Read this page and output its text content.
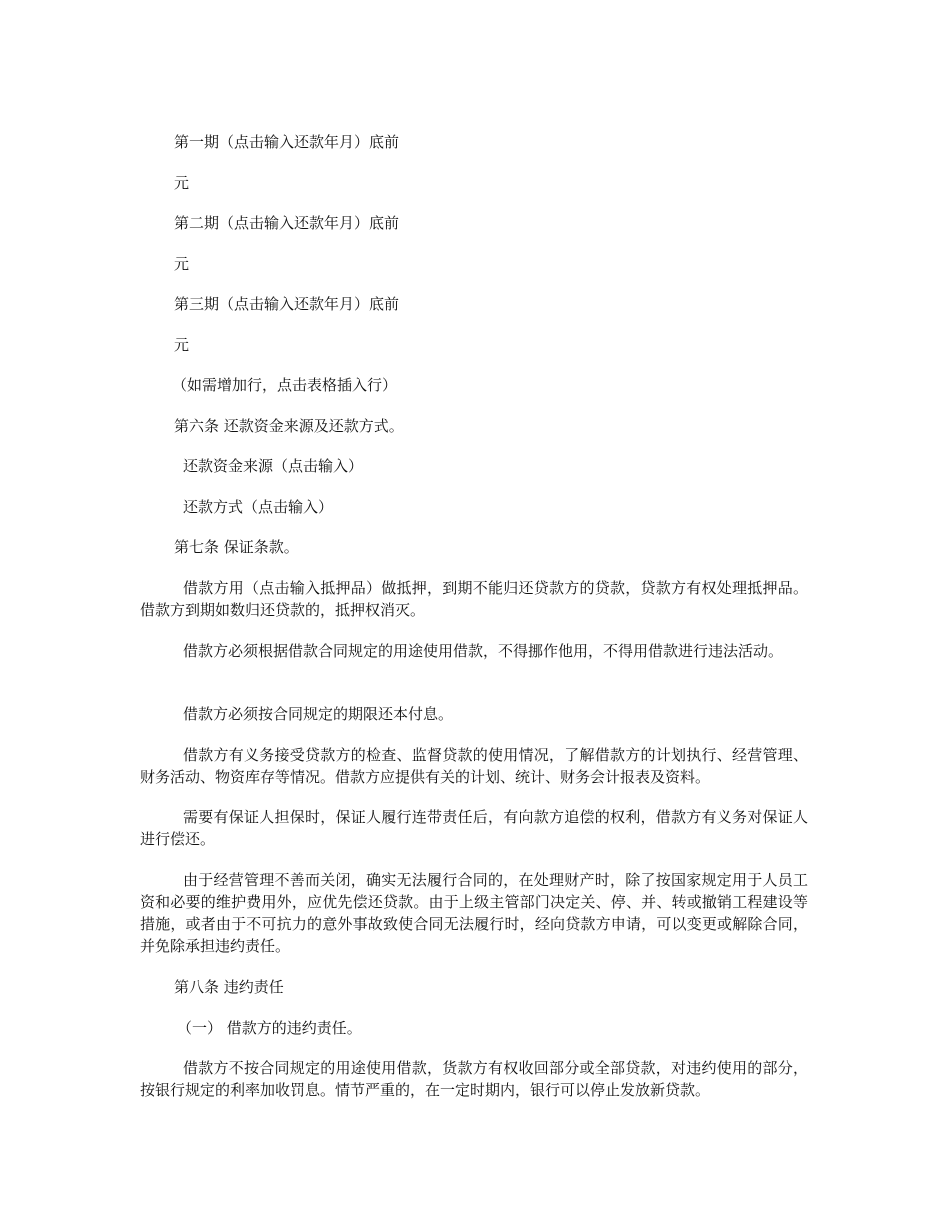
第一期（点击输入还款年月）底前
元
第二期（点击输入还款年月）底前
元
第三期（点击输入还款年月）底前
元
（如需增加行，点击表格插入行）
第六条 还款资金来源及还款方式。
还款资金来源（点击输入）
还款方式（点击输入）
第七条 保证条款。
借款方用（点击输入抵押品）做抵押，到期不能归还贷款方的贷款，贷款方有权处理抵押品。借款方到期如数归还贷款的，抵押权消灭。
借款方必须根据借款合同规定的用途使用借款，不得挪作他用，不得用借款进行违法活动。
借款方必须按合同规定的期限还本付息。
借款方有义务接受贷款方的检查、监督贷款的使用情况，了解借款方的计划执行、经营管理、财务活动、物资库存等情况。借款方应提供有关的计划、统计、财务会计报表及资料。
需要有保证人担保时，保证人履行连带责任后，有向款方追偿的权利，借款方有义务对保证人进行偿还。
由于经营管理不善而关闭，确实无法履行合同的，在处理财产时，除了按国家规定用于人员工资和必要的维护费用外，应优先偿还贷款。由于上级主管部门决定关、停、并、转或撤销工程建设等措施，或者由于不可抗力的意外事故致使合同无法履行时，经向贷款方申请，可以变更或解除合同，并免除承担违约责任。
第八条 违约责任
（一） 借款方的违约责任。
借款方不按合同规定的用途使用借款，货款方有权收回部分或全部贷款，对违约使用的部分，按银行规定的利率加收罚息。情节严重的，在一定时期内，银行可以停止发放新贷款。
